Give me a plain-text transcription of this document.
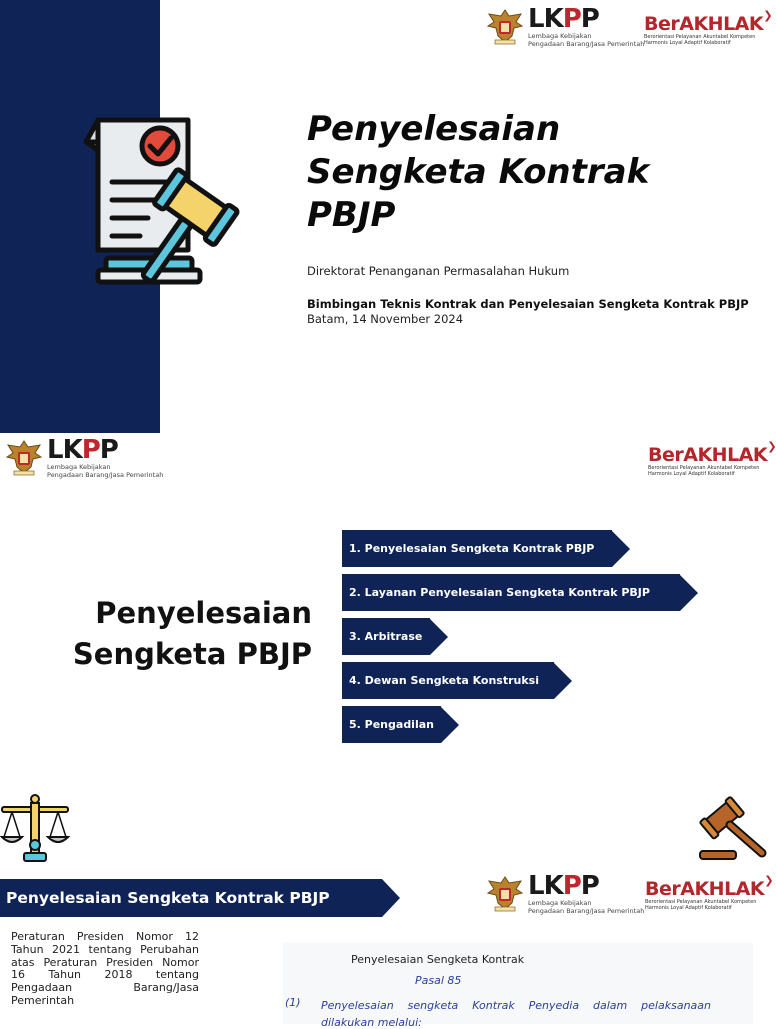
Penyelesaian
Sengketa Kontrak
PBJP
Direktorat Penanganan Permasalahan Hukum
Bimbingan Teknis Kontrak dan Penyelesaian Sengketa Kontrak PBJP
Batam, 14 November 2024
LKPP
Lembaga Kebijakan
Pengadaan Barang/Jasa Pemerintah
BerAKHLAK ❯
Berorientasi Pelayanan Akuntabel Kompeten
Harmonis Loyal Adaptif Kolaboratif
LKPP
Lembaga Kebijakan
Pengadaan Barang/Jasa Pemerintah
BerAKHLAK ❯
Berorientasi Pelayanan Akuntabel Kompeten
Harmonis Loyal Adaptif Kolaboratif
Penyelesaian
Sengketa PBJP
1. Penyelesaian Sengketa Kontrak PBJP
2. Layanan Penyelesaian Sengketa Kontrak PBJP
3. Arbitrase
4. Dewan Sengketa Konstruksi
5. Pengadilan
LKPP
Lembaga Kebijakan
Pengadaan Barang/Jasa Pemerintah
BerAKHLAK ❯
Berorientasi Pelayanan Akuntabel Kompeten
Harmonis Loyal Adaptif Kolaboratif
Penyelesaian Sengketa Kontrak PBJP
Peraturan Presiden Nomor 12 Tahun 2021 tentang Perubahan atas Peraturan Presiden Nomor 16 Tahun 2018 tentang Pengadaan Barang/Jasa Pemerintah
Penyelesaian Sengketa Kontrak
Pasal 85
(1) Penyelesaian sengketa Kontrak Penyedia dalam pelaksanaan
dilakukan melalui:
